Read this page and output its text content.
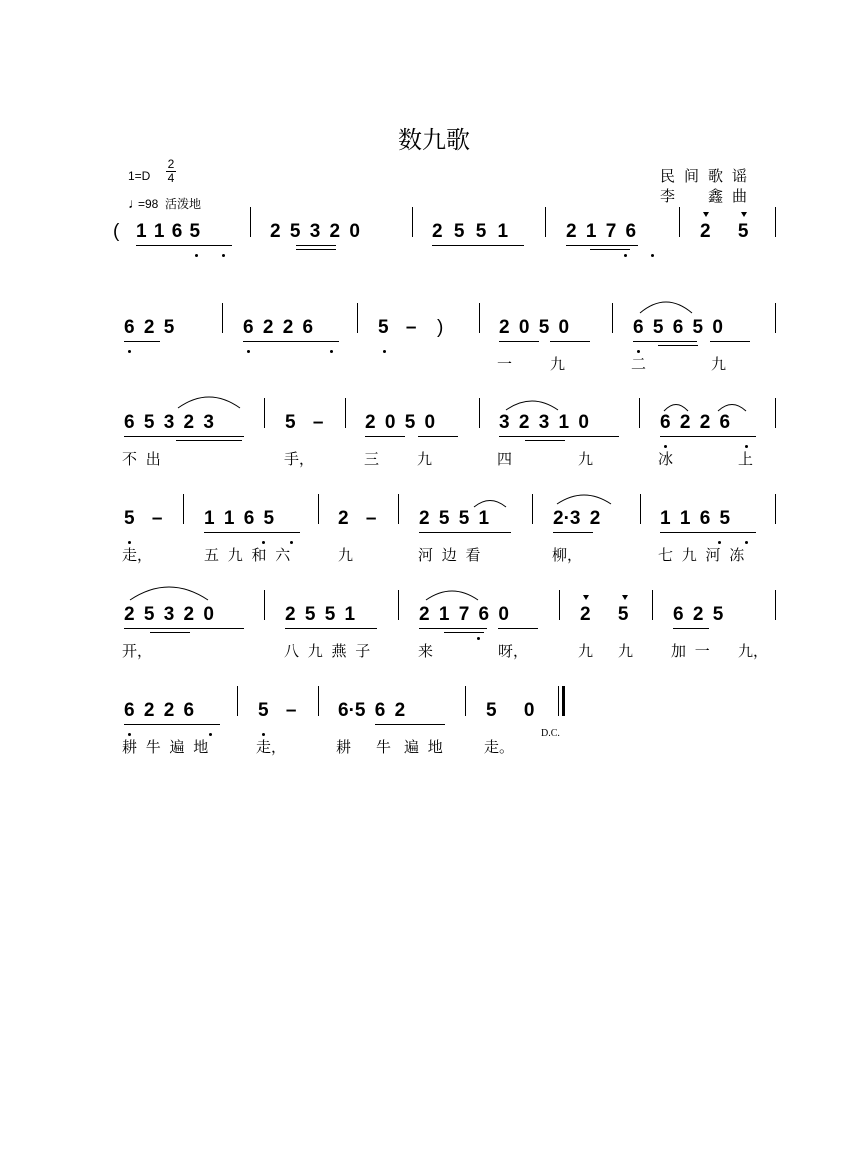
数九歌
1=D
2
4
♩=98 活泼地
民间歌谣
李　鑫曲
( 1 1 6 5	2 5 3 2 0	2 5 5 1	2 1 7 6	2 5
6 2 5	6 2 2 6	5 – )	2 0 5 0	6 5 6 5 0
一	九	二	九
6 5 3 2 3	5 – 2 0 5 0	3 2 3 1 0	6 2 2 6
不 出	手，	三	九	四	九	冰	上
5 – 1 1 6 5	2 – 2 5 5 1	2·3 2	1 1 6 5
走，	五 九 和 六	九	河 边 看	柳，	七 九 河 冻
2 5 3 2 0	2 5 5 1	2 1 7 6 0	2 5 6 2 5
开，	八 九 燕 子	来	呀，	九 九	加 一 九，
6 2 2 6	5 – 6·5 6 2	5 0
D.C.
耕 牛 遍 地	走，	耕 牛 遍 地	走。
